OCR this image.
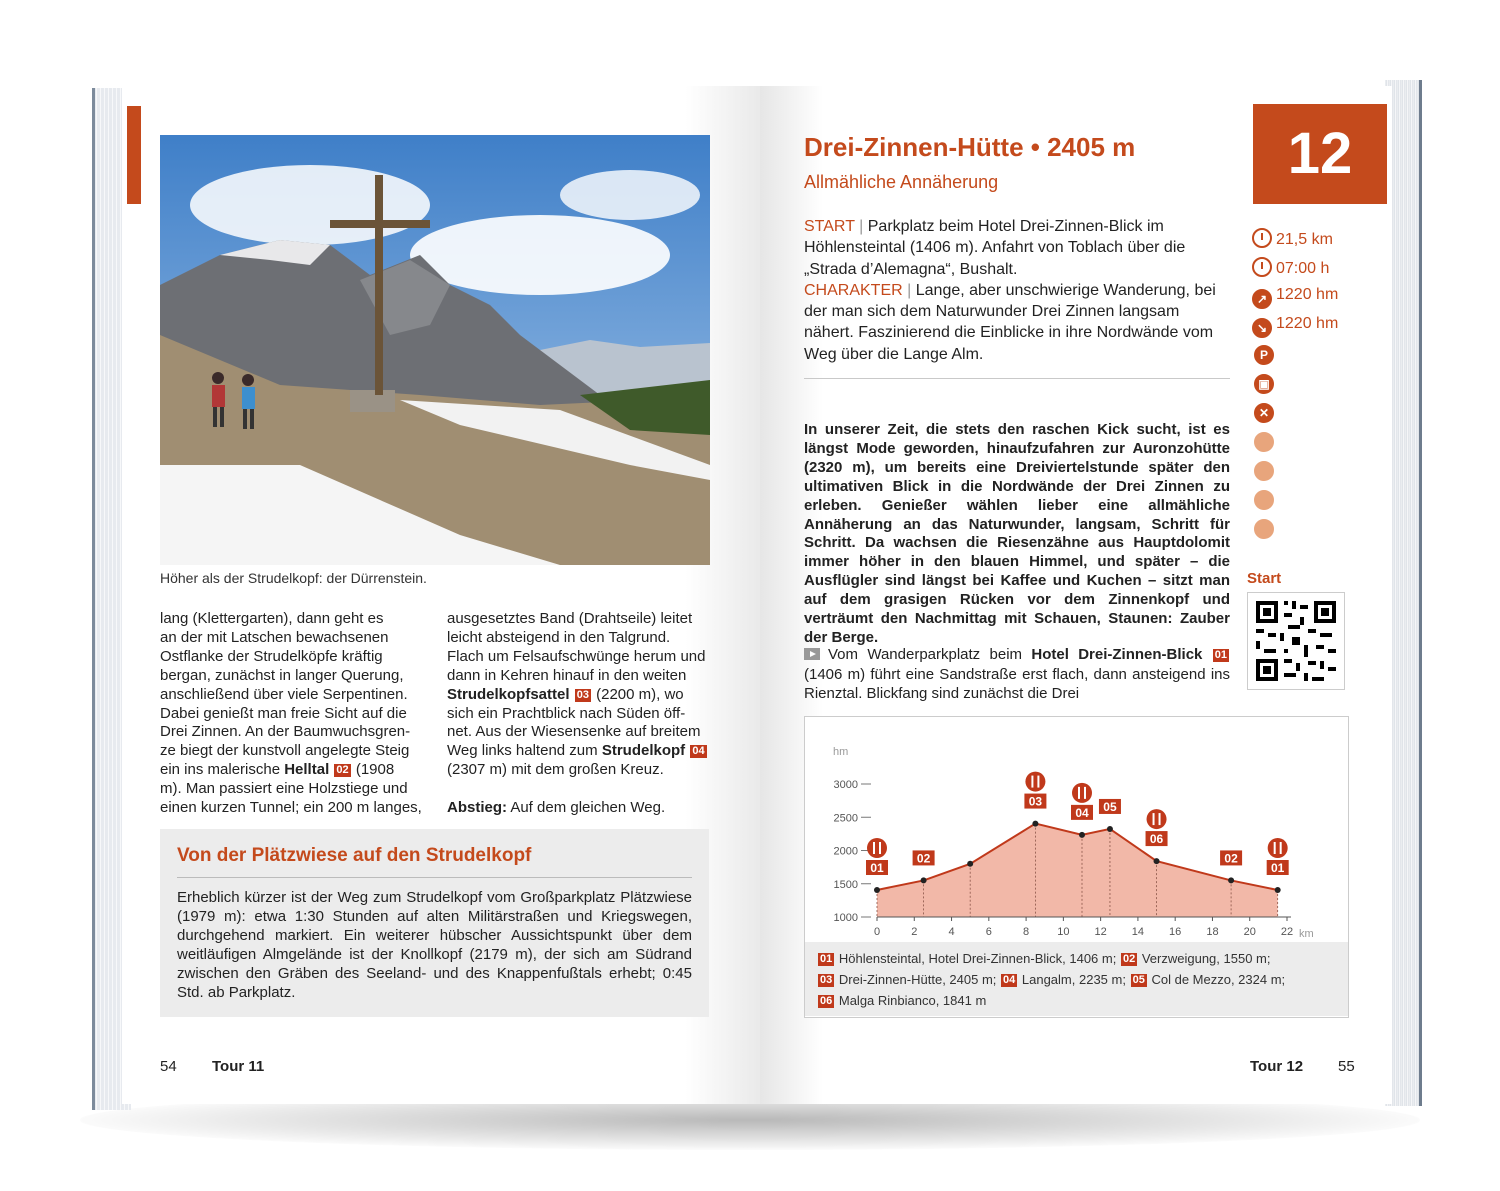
Höher als der Strudelkopf: der Dürrenstein.

lang (Klettergarten), dann geht es

an der mit Latschen bewachsenen

Ostflanke der Strudelköpfe kräftig

bergan, zunächst in langer Querung,

anschließend über viele Serpentinen.

Dabei genießt man freie Sicht auf die

Drei Zinnen. An der Baumwuchsgren-

ze biegt der kunstvoll angelegte Steig

ein ins malerische Helltal 02 (1908

m). Man passiert eine Holzstiege und

einen kurzen Tunnel; ein 200 m langes,

ausgesetztes Band (Drahtseile) leitet

leicht absteigend in den Talgrund.

Flach um Felsaufschwünge herum und

dann in Kehren hinauf in den weiten

Strudelkopfsattel 03 (2200 m), wo

sich ein Prachtblick nach Süden öff-

net. Aus der Wiesensenke auf breitem

Weg links haltend zum Strudelkopf 04

(2307 m) mit dem großen Kreuz.

Abstieg: Auf dem gleichen Weg.

Von der Plätzwiese auf den Strudelkopf
Erheblich kürzer ist der Weg zum Strudelkopf vom Großparkplatz Plätzwiese (1979 m): etwa 1:30 Stunden auf alten Militärstraßen und Kriegswegen, durchgehend markiert. Ein weiterer hübscher Aussichtspunkt über dem weitläufigen Almgelände ist der Knollkopf (2179 m), der sich am Südrand zwischen den Gräben des Seeland- und des Knappenfußtals erhebt; 0:45 Std. ab Parkplatz.
54 Tour 11
Drei-Zinnen-Hütte • 2405 m
Allmähliche Annäherung
START | Parkplatz beim Hotel Drei-Zinnen-Blick im Höhlensteintal (1406 m). Anfahrt von Toblach über die „Strada d’Alemagna“, Bushalt.
CHARAKTER | Lange, aber unschwierige Wanderung, bei der man sich dem Naturwunder Drei Zinnen langsam nähert. Faszinierend die Einblicke in ihre Nordwände vom Weg über die Lange Alm.
In unserer Zeit, die stets den raschen Kick sucht, ist es längst Mode geworden, hinaufzufahren zur Auronzohütte (2320 m), um bereits eine Dreiviertelstunde später den ultimativen Blick in die Nordwände der Drei Zinnen zu erleben. Genießer wählen lieber eine allmähliche Annäherung an das Naturwunder, langsam, Schritt für Schritt. Da wachsen die Riesenzähne aus Hauptdolomit immer höher in den blauen Himmel, und später – die Ausflügler sind längst bei Kaffee und Kuchen – sitzt man auf dem grasigen Rücken vor dem Zinnenkopf und verträumt den Nachmittag mit Schauen, Staunen: Zauber der Berge.
Vom Wanderparkplatz beim Hotel Drei-Zinnen-Blick 01 (1406 m) führt eine Sandstraße erst flach, dann ansteigend ins Rienztal. Blickfang sind zunächst die Drei
12
21,5 km
07:00 h
↗ 1220 hm
↘ 1220 hm
P
▣
✕
Start
hm
1000
1500
2000
2500
3000
0	2	4	6	8	10 12 14 16 18 20 22 km
01
02
03
04 05
06
02
01
01 Höhlensteintal, Hotel Drei-Zinnen-Blick, 1406 m; 02 Verzweigung, 1550 m;
03 Drei-Zinnen-Hütte, 2405 m; 04 Langalm, 2235 m; 05 Col de Mezzo, 2324 m;
06 Malga Rinbianco, 1841 m
Tour 12 55
